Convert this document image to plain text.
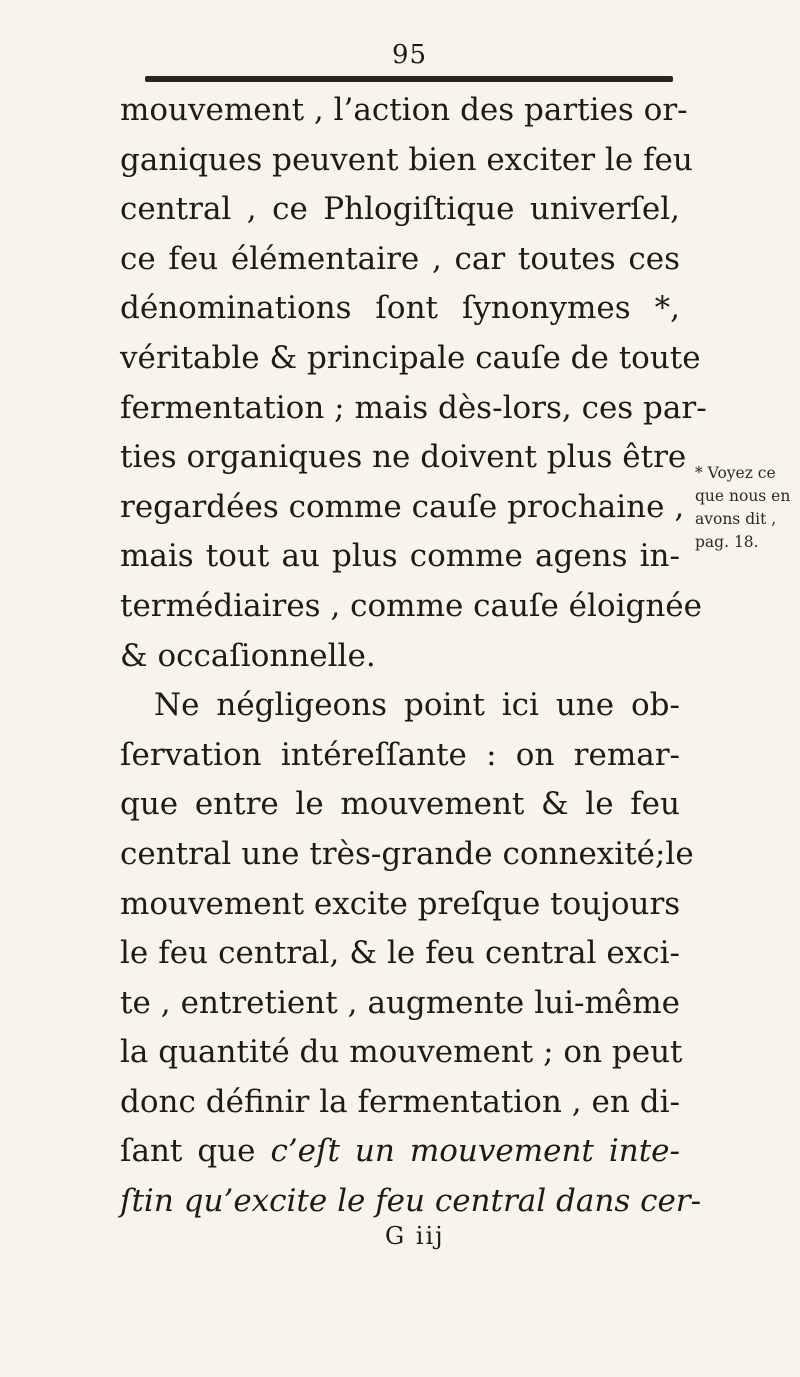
95
mouvement , l’action des parties or-
ganiques peuvent bien exciter le feu
central , ce Phlogiſtique univerſel,
ce feu élémentaire , car toutes ces
dénominations ſont ſynonymes *,
véritable & principale cauſe de toute
fermentation ; mais dès-lors, ces par-
ties organiques ne doivent plus être
regardées comme cauſe prochaine ,
mais tout au plus comme agens in-
termédiaires , comme cauſe éloignée
& occaſionnelle.
Ne négligeons point ici une ob-
ſervation intéreſſante : on remar-
que entre le mouvement & le feu
central une très-grande connexité;le
mouvement excite preſque toujours
le feu central, & le feu central exci-
te , entretient , augmente lui-même
la quantité du mouvement ; on peut
donc définir la fermentation , en di-
ſant que c’eſt un mouvement inte-
ſtin qu’excite le feu central dans cer-
* Voyez ce
que nous en
avons dit ,
pag. 18.
G iij
